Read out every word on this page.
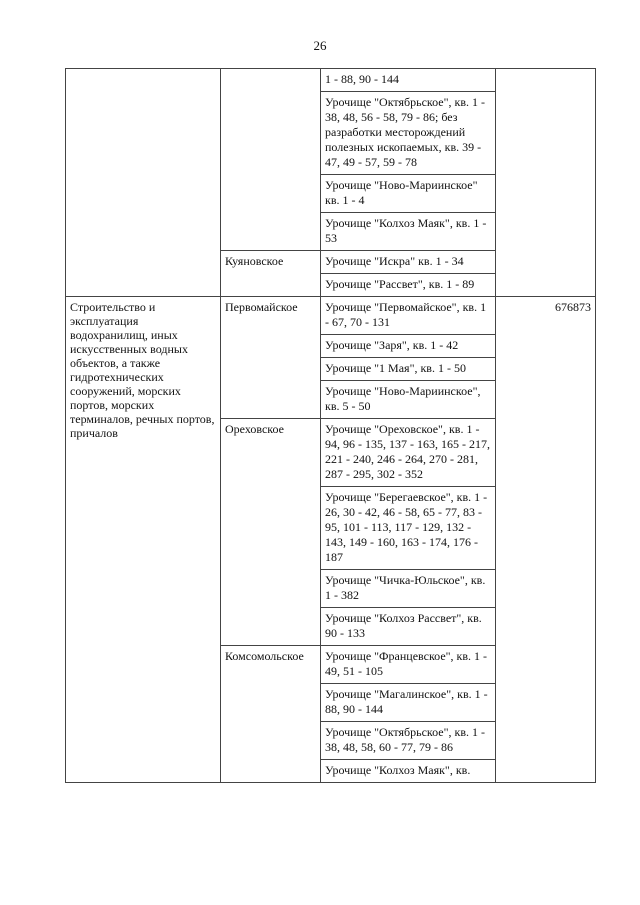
26
		1 - 88, 90 - 144	
		Урочище "Октябрьское", кв. 1 - 38, 48, 56 - 58, 79 - 86; без разработки месторождений полезных ископаемых, кв. 39 - 47, 49 - 57, 59 - 78	
		Урочище "Ново-Мариинское" кв. 1 - 4	
		Урочище "Колхоз Маяк", кв. 1 - 53	
	Куяновское	Урочище "Искра" кв. 1 - 34	
		Урочище "Рассвет", кв. 1 - 89	
Строительство и эксплуатация водохранилищ, иных искусственных водных объектов, а также гидротехнических сооружений, морских портов, морских терминалов, речных портов, причалов	Первомайское	Урочище "Первомайское", кв. 1 - 67, 70 - 131	676873
		Урочище "Заря", кв. 1 - 42	
		Урочище "1 Мая", кв. 1 - 50	
		Урочище "Ново-Мариинское", кв. 5 - 50	
	Ореховское	Урочище "Ореховское", кв. 1 - 94, 96 - 135, 137 - 163, 165 - 217, 221 - 240, 246 - 264, 270 - 281, 287 - 295, 302 - 352	
		Урочище "Берегаевское", кв. 1 - 26, 30 - 42, 46 - 58, 65 - 77, 83 - 95, 101 - 113, 117 - 129, 132 - 143, 149 - 160, 163 - 174, 176 - 187	
		Урочище "Чичка-Юльское", кв. 1 - 382	
		Урочище "Колхоз Рассвет", кв. 90 - 133	
	Комсомольское	Урочище "Францевское", кв. 1 - 49, 51 - 105	
		Урочище "Магалинское", кв. 1 - 88, 90 - 144	
		Урочище "Октябрьское", кв. 1 - 38, 48, 58, 60 - 77, 79 - 86	
		Урочище "Колхоз Маяк", кв.	
